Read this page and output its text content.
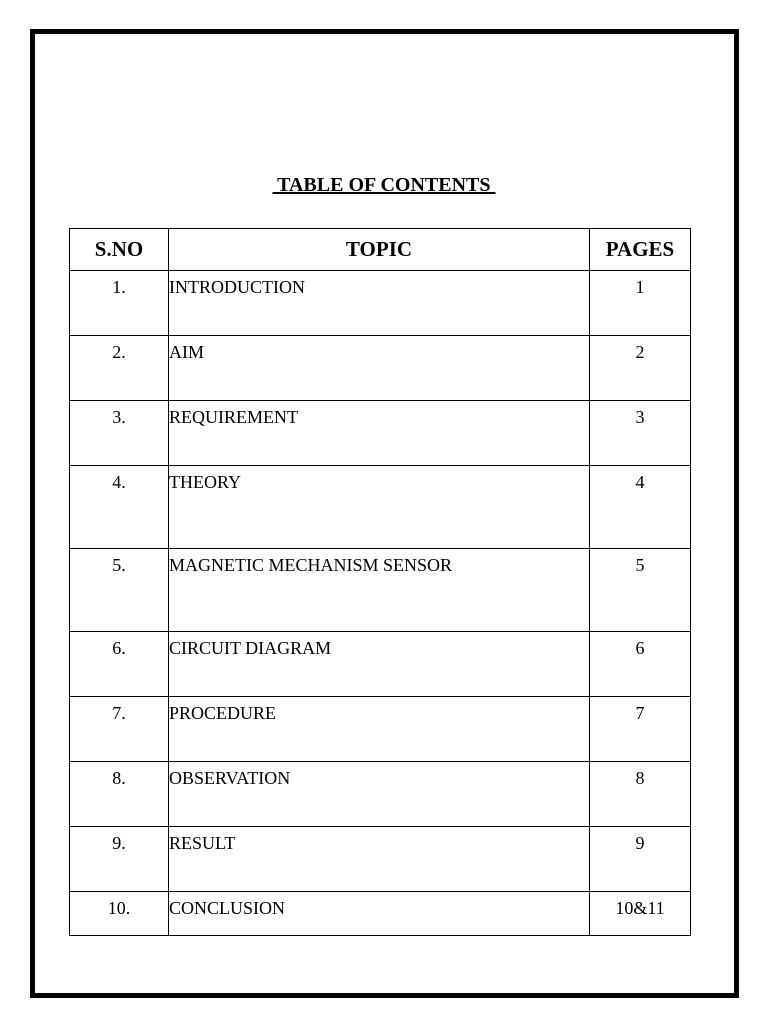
TABLE OF CONTENTS
S.NO	TOPIC	PAGES
1.	INTRODUCTION	1
2.	AIM	2
3.	REQUIREMENT	3
4.	THEORY	4
5.	MAGNETIC MECHANISM SENSOR	5
6.	CIRCUIT DIAGRAM	6
7.	PROCEDURE	7
8.	OBSERVATION	8
9.	RESULT	9
10.	CONCLUSION	10&11
